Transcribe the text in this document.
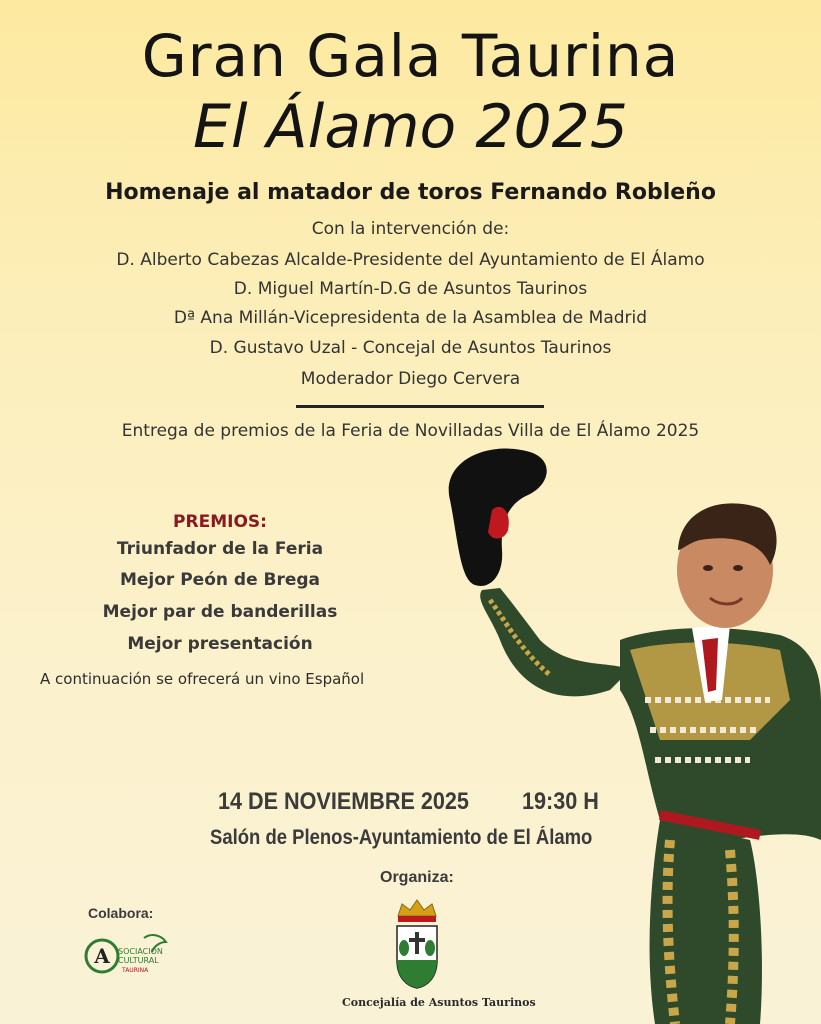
Gran Gala Taurina
El Álamo 2025
Homenaje al matador de toros Fernando Robleño
Con la intervención de:
D. Alberto Cabezas Alcalde-Presidente del Ayuntamiento de El Álamo
D. Miguel Martín-D.G de Asuntos Taurinos
Dª Ana Millán-Vicepresidenta de la Asamblea de Madrid
D. Gustavo Uzal - Concejal de Asuntos Taurinos
Moderador Diego Cervera
Entrega de premios de la Feria de Novilladas Villa de El Álamo 2025
PREMIOS:
Triunfador de la Feria
Mejor Peón de Brega
Mejor par de banderillas
Mejor presentación
A continuación se ofrecerá un vino Español
14 DE NOVIEMBRE 2025 19:30 H
Salón de Plenos-Ayuntamiento de El Álamo
Organiza:
Colabora:
A SOCIACIÓN
CULTURAL
TAURINA
Concejalía de Asuntos Taurinos
